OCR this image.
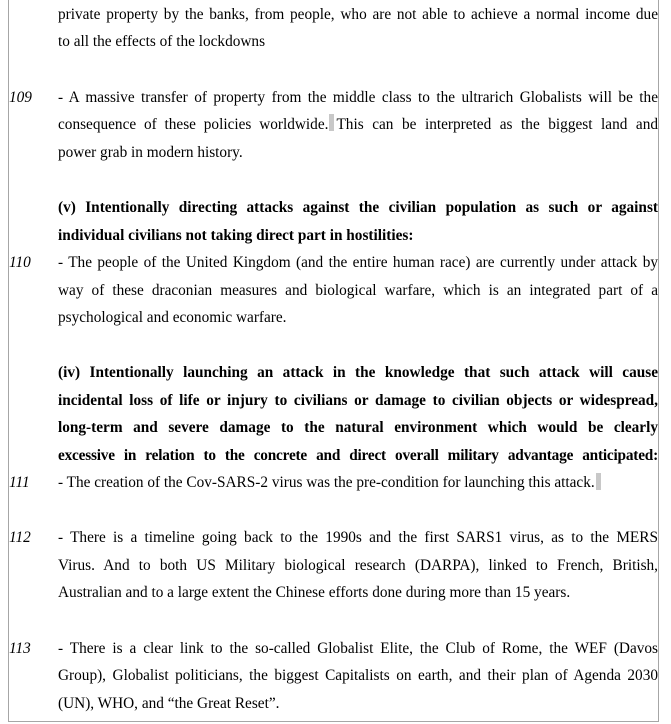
private property by the banks, from people, who are not able to achieve a normal income due
to all the effects of the lockdowns
109	- A massive transfer of property from the middle class to the ultrarich Globalists will be the
consequence of these policies worldwide. This can be interpreted as the biggest land and
power grab in modern history.
(v) Intentionally directing attacks against the civilian population as such or against
individual civilians not taking direct part in hostilities:
110	- The people of the United Kingdom (and the entire human race) are currently under attack by
way of these draconian measures and biological warfare, which is an integrated part of a
psychological and economic warfare.
(iv) Intentionally launching an attack in the knowledge that such attack will cause
incidental loss of life or injury to civilians or damage to civilian objects or widespread,
long-term and severe damage to the natural environment which would be clearly
excessive in relation to the concrete and direct overall military advantage anticipated:
111	- The creation of the Cov-SARS-2 virus was the pre-condition for launching this attack.
112	- There is a timeline going back to the 1990s and the first SARS1 virus, as to the MERS
Virus. And to both US Military biological research (DARPA), linked to French, British,
Australian and to a large extent the Chinese efforts done during more than 15 years.
113	- There is a clear link to the so-called Globalist Elite, the Club of Rome, the WEF (Davos
Group), Globalist politicians, the biggest Capitalists on earth, and their plan of Agenda 2030
(UN), WHO, and “the Great Reset”.
